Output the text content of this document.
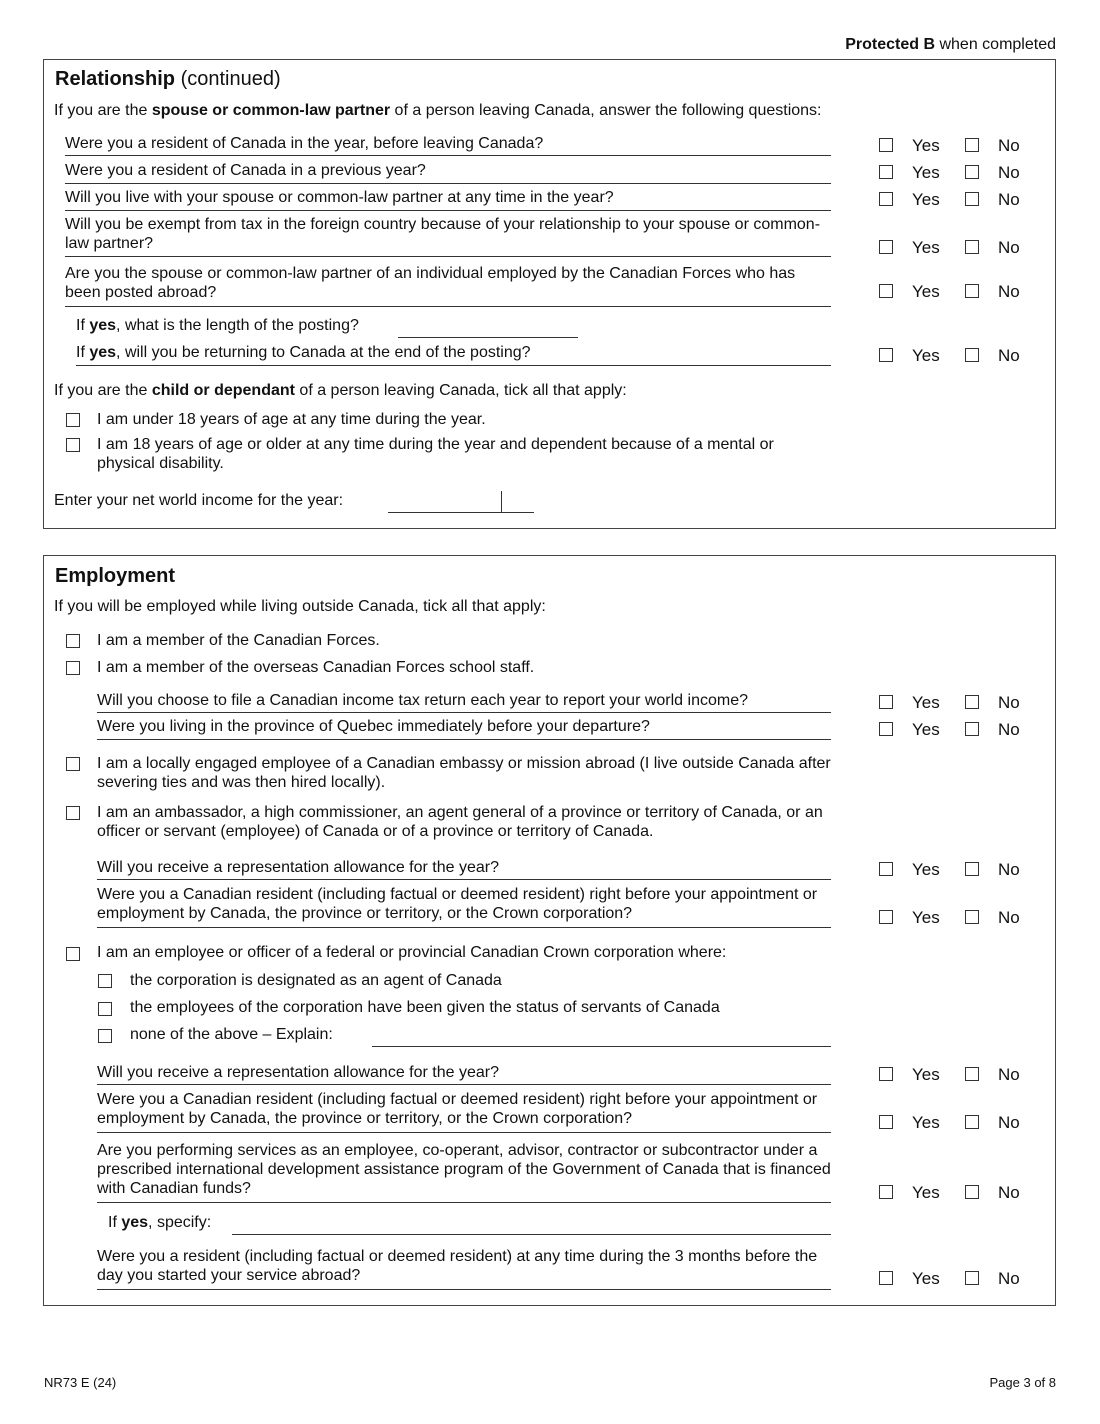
Protected B when completed
Relationship (continued)
If you are the spouse or common-law partner of a person leaving Canada, answer the following questions:
Were you a resident of Canada in the year, before leaving Canada?	Yes	No
Were you a resident of Canada in a previous year?	Yes	No
Will you live with your spouse or common-law partner at any time in the year?	Yes	No
Will you be exempt from tax in the foreign country because of your relationship to your spouse or common-law partner?	Yes	No
Are you the spouse or common-law partner of an individual employed by the Canadian Forces who has been posted abroad?	Yes	No
If yes, what is the length of the posting?
If yes, will you be returning to Canada at the end of the posting?	Yes	No
If you are the child or dependant of a person leaving Canada, tick all that apply:
I am under 18 years of age at any time during the year.
I am 18 years of age or older at any time during the year and dependent because of a mental or physical disability.
Enter your net world income for the year:
Employment
If you will be employed while living outside Canada, tick all that apply:
I am a member of the Canadian Forces.
I am a member of the overseas Canadian Forces school staff.
Will you choose to file a Canadian income tax return each year to report your world income?	Yes	No
Were you living in the province of Quebec immediately before your departure?	Yes	No
I am a locally engaged employee of a Canadian embassy or mission abroad (I live outside Canada after severing ties and was then hired locally).
I am an ambassador, a high commissioner, an agent general of a province or territory of Canada, or an officer or servant (employee) of Canada or of a province or territory of Canada.
Will you receive a representation allowance for the year?	Yes	No
Were you a Canadian resident (including factual or deemed resident) right before your appointment or employment by Canada, the province or territory, or the Crown corporation?	Yes	No
I am an employee or officer of a federal or provincial Canadian Crown corporation where:
the corporation is designated as an agent of Canada
the employees of the corporation have been given the status of servants of Canada
none of the above – Explain:
Will you receive a representation allowance for the year?	Yes	No
Were you a Canadian resident (including factual or deemed resident) right before your appointment or employment by Canada, the province or territory, or the Crown corporation?	Yes	No
Are you performing services as an employee, co-operant, advisor, contractor or subcontractor under a prescribed international development assistance program of the Government of Canada that is financed with Canadian funds?	Yes	No
If yes, specify:
Were you a resident (including factual or deemed resident) at any time during the 3 months before the day you started your service abroad?	Yes	No
NR73 E (24)	Page 3 of 8
